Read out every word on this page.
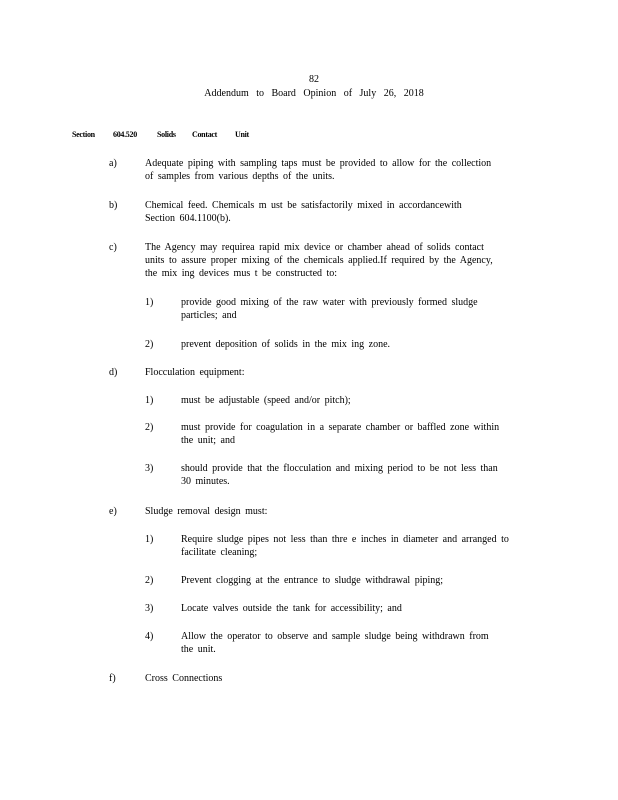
82
Addendum to Board Opinion of July 26, 2018
Section 604.520	Solids Contact Unit
a)	Adequate piping with sampling taps must be provided to allow for the collection
of samples from various depths of the units.
b)	Chemical feed. Chemicals m ust be satisfactorily mixed in accordancewith
Section 604.1100(b).
c)	The Agency may requirea rapid mix device or chamber ahead of solids contact
units to assure proper mixing of the chemicals applied.If required by the Agency,
the mix ing devices mus t be constructed to:
1)	provide good mixing of the raw water with previously formed sludge
particles; and
2)	prevent deposition of solids in the mix ing zone.
d)	Flocculation equipment:
1)	must be adjustable (speed and/or pitch);
2)	must provide for coagulation in a separate chamber or baffled zone within
the unit; and
3)	should provide that the flocculation and mixing period to be not less than
30 minutes.
e)	Sludge removal design must:
1)	Require sludge pipes not less than thre e inches in diameter and arranged to
facilitate cleaning;
2)	Prevent clogging at the entrance to sludge withdrawal piping;
3)	Locate valves outside the tank for accessibility; and
4)	Allow the operator to observe and sample sludge being withdrawn from
the unit.
f)	Cross Connections
